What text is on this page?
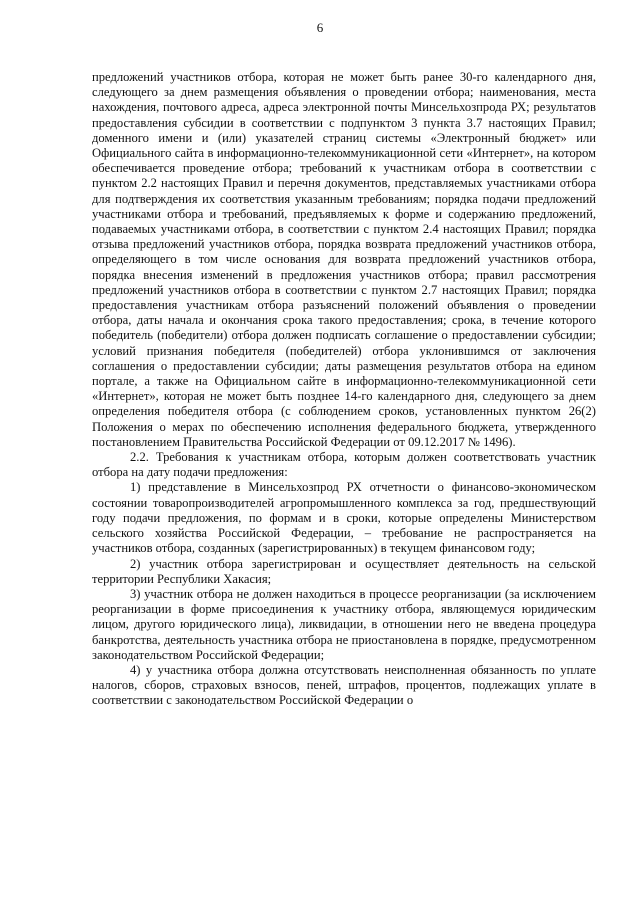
6

предложений участников отбора, которая не может быть ранее 30-го календарного дня, следующего за днем размещения объявления о проведении отбора; наименования, места нахождения, почтового адреса, адреса электронной почты Минсельхозпрода РХ; результатов предоставления субсидии в соответствии с подпунктом 3 пункта 3.7 настоящих Правил; доменного имени и (или) указателей страниц системы «Электронный бюджет» или Официального сайта в информационно-телекоммуникационной сети «Интернет», на котором обеспечивается проведение отбора; требований к участникам отбора в соответствии с пунктом 2.2 настоящих Правил и перечня документов, представляемых участниками отбора для подтверждения их соответствия указанным требованиям; порядка подачи предложений участниками отбора и требований, предъявляемых к форме и содержанию предложений, подаваемых участниками отбора, в соответствии с пунктом 2.4 настоящих Правил; порядка отзыва предложений участников отбора, порядка возврата предложений участников отбора, определяющего в том числе основания для возврата предложений участников отбора, порядка внесения изменений в предложения участников отбора; правил рассмотрения предложений участников отбора в соответствии с пунктом 2.7 настоящих Правил; порядка предоставления участникам отбора разъяснений положений объявления о проведении отбора, даты начала и окончания срока такого предоставления; срока, в течение которого победитель (победители) отбора должен подписать соглашение о предоставлении субсидии; условий признания победителя (победителей) отбора уклонившимся от заключения соглашения о предоставлении субсидии; даты размещения результатов отбора на едином портале, а также на Официальном сайте в информационно-телекоммуникационной сети «Интернет», которая не может быть позднее 14-го календарного дня, следующего за днем определения победителя отбора (с соблюдением сроков, установленных пунктом 26(2) Положения о мерах по обеспечению исполнения федерального бюджета, утвержденного постановлением Правительства Российской Федерации от 09.12.2017 № 1496).

2.2. Требования к участникам отбора, которым должен соответствовать участник отбора на дату подачи предложения:

1) представление в Минсельхозпрод РХ отчетности о финансово-экономическом состоянии товаропроизводителей агропромышленного комплекса за год, предшествующий году подачи предложения, по формам и в сроки, которые определены Министерством сельского хозяйства Российской Федерации, – требование не распространяется на участников отбора, созданных (зарегистрированных) в текущем финансовом году;

2) участник отбора зарегистрирован и осуществляет деятельность на сельской территории Республики Хакасия;

3) участник отбора не должен находиться в процессе реорганизации (за исключением реорганизации в форме присоединения к участнику отбора, являющемуся юридическим лицом, другого юридического лица), ликвидации, в отношении него не введена процедура банкротства, деятельность участника отбора не приостановлена в порядке, предусмотренном законодательством Российской Федерации;

4) у участника отбора должна отсутствовать неисполненная обязанность по уплате налогов, сборов, страховых взносов, пеней, штрафов, процентов, подлежащих уплате в соответствии с законодательством Российской Федерации о
